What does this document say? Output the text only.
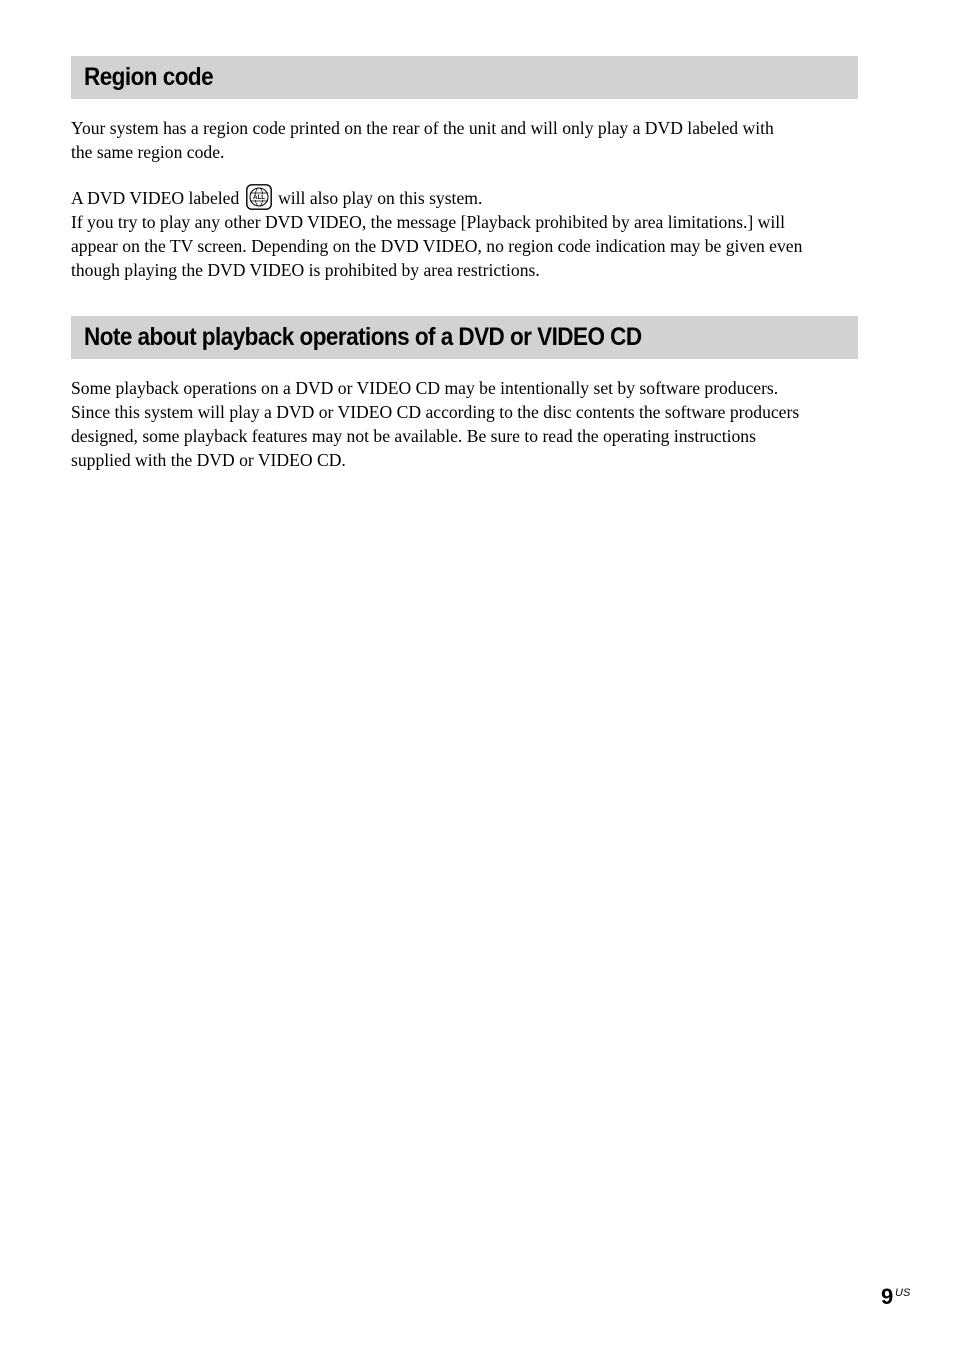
Region code

Your system has a region code printed on the rear of the unit and will only play a DVD labeled with
the same region code.

A DVD VIDEO labeled ALL will also play on this system.
If you try to play any other DVD VIDEO, the message [Playback prohibited by area limitations.] will
appear on the TV screen. Depending on the DVD VIDEO, no region code indication may be given even
though playing the DVD VIDEO is prohibited by area restrictions.

Note about playback operations of a DVD or VIDEO CD

Some playback operations on a DVD or VIDEO CD may be intentionally set by software producers.
Since this system will play a DVD or VIDEO CD according to the disc contents the software producers
designed, some playback features may not be available. Be sure to read the operating instructions
supplied with the DVD or VIDEO CD.

9 US
